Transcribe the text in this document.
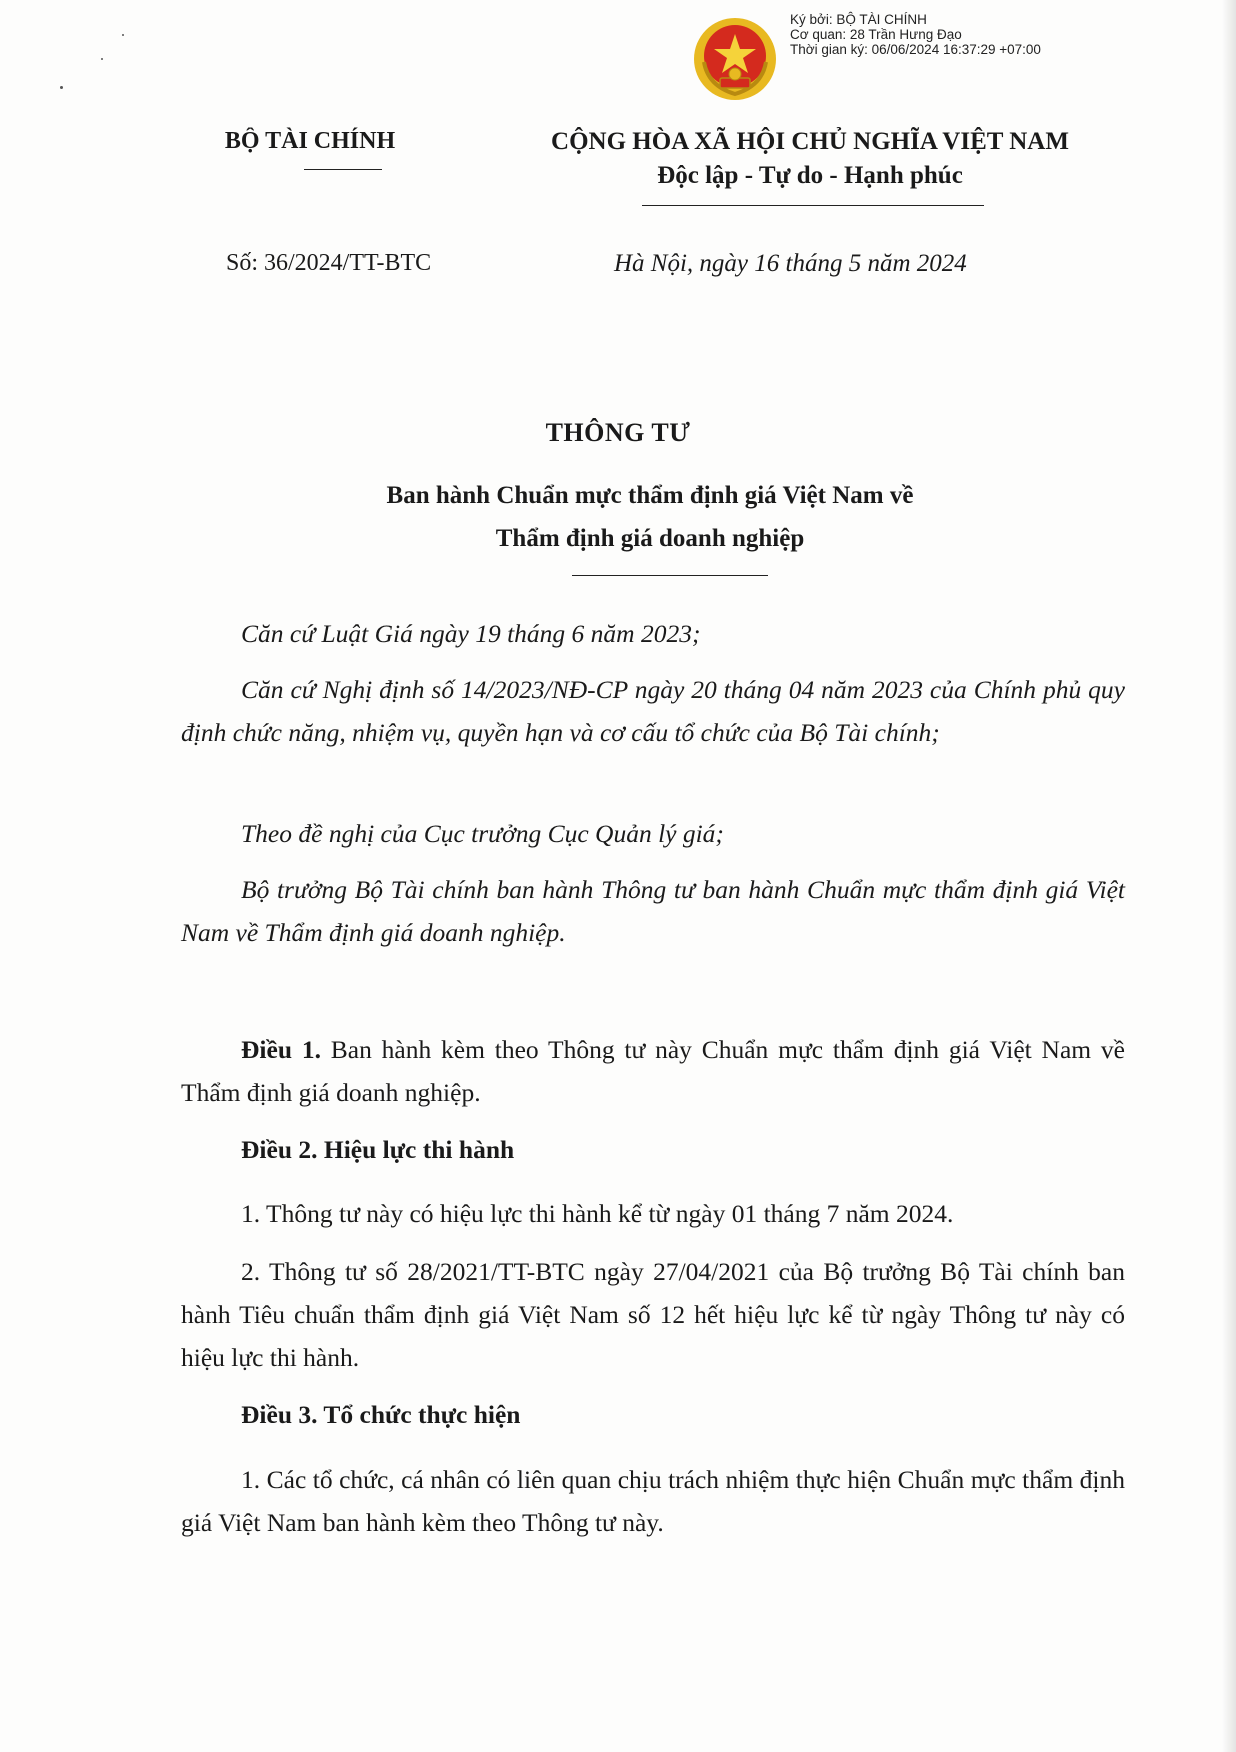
Ký bởi: BỘ TÀI CHÍNH
Cơ quan: 28 Trần Hưng Đạo
Thời gian ký: 06/06/2024 16:37:29 +07:00
BỘ TÀI CHÍNH	CỘNG HÒA XÃ HỘI CHỦ NGHĨA VIỆT NAM
Độc lập - Tự do - Hạnh phúc
Số: 36/2024/TT-BTC	Hà Nội, ngày 16 tháng 5 năm 2024
THÔNG TƯ
Ban hành Chuẩn mực thẩm định giá Việt Nam về
Thẩm định giá doanh nghiệp
Căn cứ Luật Giá ngày 19 tháng 6 năm 2023;
Căn cứ Nghị định số 14/2023/NĐ-CP ngày 20 tháng 04 năm 2023 của Chính phủ quy định chức năng, nhiệm vụ, quyền hạn và cơ cấu tổ chức của Bộ Tài chính;
Theo đề nghị của Cục trưởng Cục Quản lý giá;
Bộ trưởng Bộ Tài chính ban hành Thông tư ban hành Chuẩn mực thẩm định giá Việt Nam về Thẩm định giá doanh nghiệp.
Điều 1. Ban hành kèm theo Thông tư này Chuẩn mực thẩm định giá Việt Nam về Thẩm định giá doanh nghiệp.
Điều 2. Hiệu lực thi hành
1. Thông tư này có hiệu lực thi hành kể từ ngày 01 tháng 7 năm 2024.
2. Thông tư số 28/2021/TT-BTC ngày 27/04/2021 của Bộ trưởng Bộ Tài chính ban hành Tiêu chuẩn thẩm định giá Việt Nam số 12 hết hiệu lực kể từ ngày Thông tư này có hiệu lực thi hành.
Điều 3. Tổ chức thực hiện
1. Các tổ chức, cá nhân có liên quan chịu trách nhiệm thực hiện Chuẩn mực thẩm định giá Việt Nam ban hành kèm theo Thông tư này.
